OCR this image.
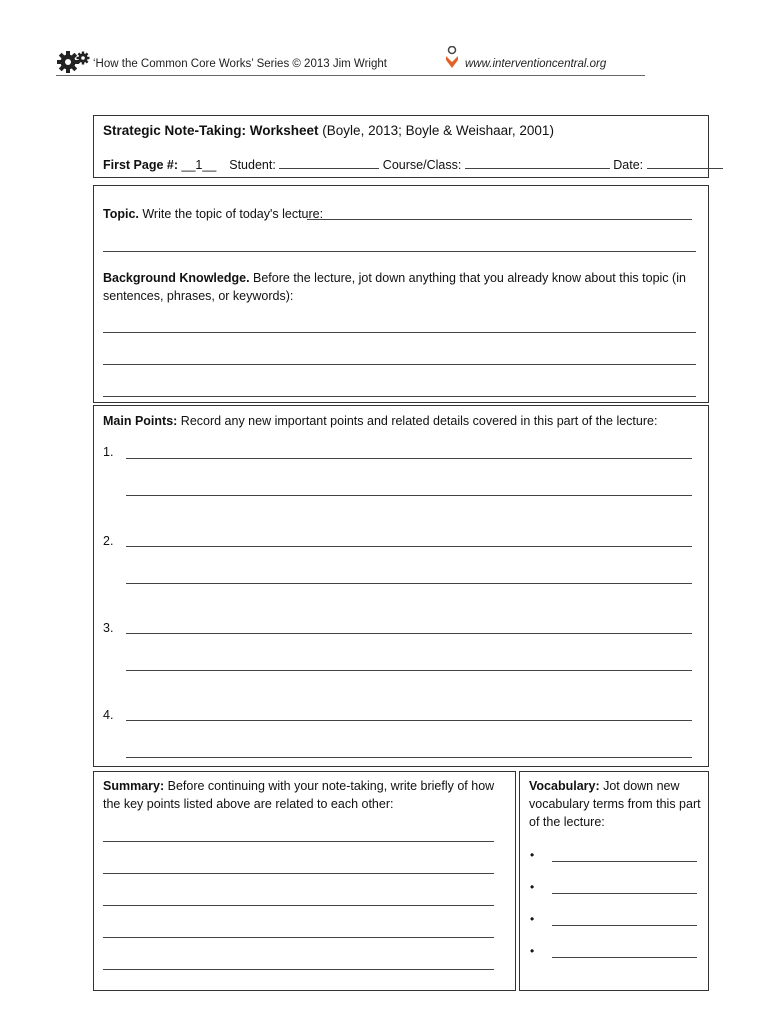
‘How the Common Core Works’ Series © 2013 Jim Wright	www.interventioncentral.org
Strategic Note-Taking: Worksheet (Boyle, 2013; Boyle & Weishaar, 2001)
First Page #: __1__ Student:	Course/Class:	Date:
Topic. Write the topic of today's lecture:
Background Knowledge. Before the lecture, jot down anything that you already know about this topic (in sentences, phrases, or keywords):
Main Points: Record any new important points and related details covered in this part of the lecture:
1.
2.
3.
4.
Summary: Before continuing with your note-taking, write briefly of how the key points listed above are related to each other:
Vocabulary: Jot down new vocabulary terms from this part of the lecture:
•
•
•
•
